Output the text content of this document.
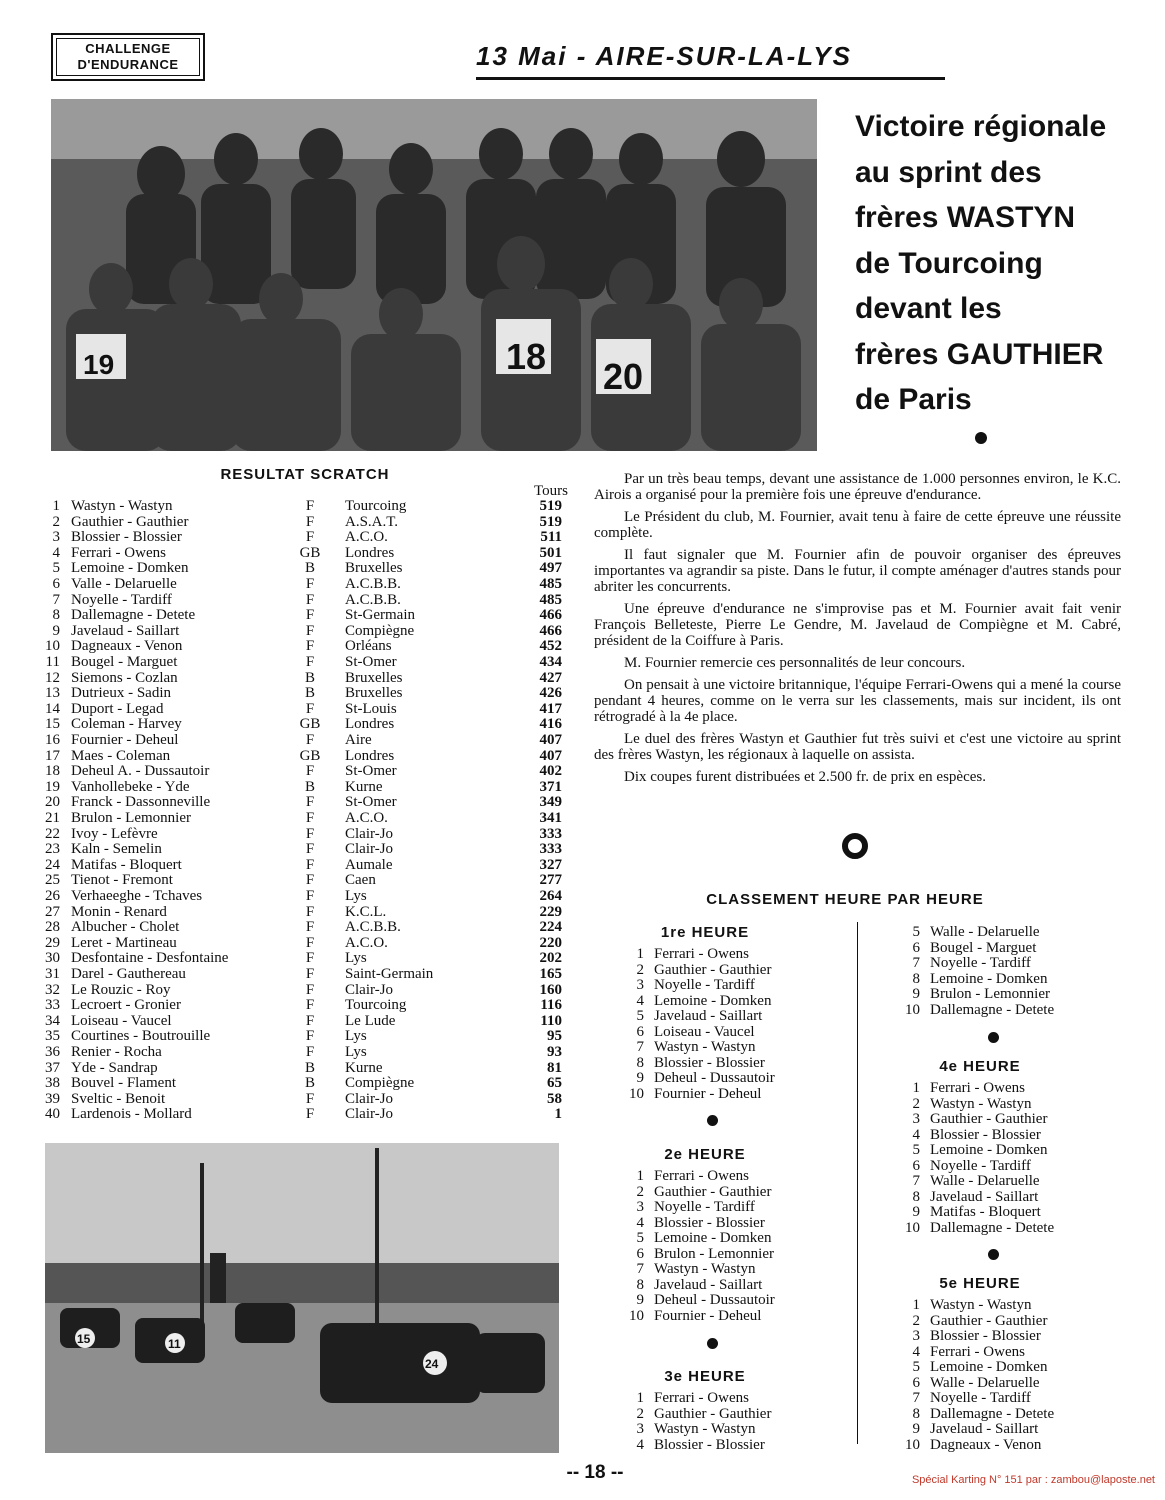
CHALLENGE
D'ENDURANCE	13 Mai - AIRE-SUR-LA-LYS
19	18 20
Victoire régionale
au sprint des
frères WASTYN
de Tourcoing
devant les
frères GAUTHIER
de Paris
RESULTAT SCRATCH
Tours
1 Wastyn - Wastyn	F	Tourcoing	519
2 Gauthier - Gauthier	F	A.S.A.T.	519
3 Blossier - Blossier	F	A.C.O.	511
4 Ferrari - Owens	GB	Londres	501
5 Lemoine - Domken	B	Bruxelles	497
6 Valle - Delaruelle	F	A.C.B.B.	485
7 Noyelle - Tardiff	F	A.C.B.B.	485
8 Dallemagne - Detete	F	St-Germain	466
9 Javelaud - Saillart	F	Compiègne	466
10 Dagneaux - Venon	F	Orléans	452
11 Bougel - Marguet	F	St-Omer	434
12 Siemons - Cozlan	B	Bruxelles	427
13 Dutrieux - Sadin	B	Bruxelles	426
14 Duport - Legad	F	St-Louis	417
15 Coleman - Harvey	GB	Londres	416
16 Fournier - Deheul	F	Aire	407
17 Maes - Coleman	GB	Londres	407
18 Deheul A. - Dussautoir	F	St-Omer	402
19 Vanhollebeke - Yde	B	Kurne	371
20 Franck - Dassonneville	F	St-Omer	349
21 Brulon - Lemonnier	F	A.C.O.	341
22 Ivoy - Lefèvre	F	Clair-Jo	333
23 Kaln - Semelin	F	Clair-Jo	333
24 Matifas - Bloquert	F	Aumale	327
25 Tienot - Fremont	F	Caen	277
26 Verhaeeghe - Tchaves	F	Lys	264
27 Monin - Renard	F	K.C.L.	229
28 Albucher - Cholet	F	A.C.B.B.	224
29 Leret - Martineau	F	A.C.O.	220
30 Desfontaine - Desfontaine	F	Lys	202
31 Darel - Gauthereau	F	Saint-Germain	165
32 Le Rouzic - Roy	F	Clair-Jo	160
33 Lecroert - Gronier	F	Tourcoing	116
34 Loiseau - Vaucel	F	Le Lude	110
35 Courtines - Boutrouille	F	Lys	95
36 Renier - Rocha	F	Lys	93
37 Yde - Sandrap	B	Kurne	81
38 Bouvel - Flament	B	Compiègne	65
39 Sveltic - Benoit	F	Clair-Jo	58
40 Lardenois - Mollard	F	Clair-Jo	1

Par un très beau temps, devant une assistance de 1.000 personnes environ, le K.C. Airois a organisé pour la première fois une épreuve d'endurance.

Le Président du club, M. Fournier, avait tenu à faire de cette épreuve une réussite complète.

Il faut signaler que M. Fournier afin de pouvoir organiser des épreuves importantes va agrandir sa piste. Dans le futur, il compte aménager d'autres stands pour abriter les concurrents.

Une épreuve d'endurance ne s'improvise pas et M. Fournier avait fait venir François Belleteste, Pierre Le Gendre, M. Javelaud de Compiègne et M. Cabré, président de la Coiffure à Paris.

M. Fournier remercie ces personnalités de leur concours.

On pensait à une victoire britannique, l'équipe Ferrari-Owens qui a mené la course pendant 4 heures, comme on le verra sur les classements, mais sur incident, ils ont rétrogradé à la 4e place.

Le duel des frères Wastyn et Gauthier fut très suivi et c'est une victoire au sprint des frères Wastyn, les régionaux à laquelle on assista.

Dix coupes furent distribuées et 2.500 fr. de prix en espèces.

CLASSEMENT HEURE PAR HEURE
1re HEURE
1 Ferrari - Owens
2 Gauthier - Gauthier
3 Noyelle - Tardiff
4 Lemoine - Domken
5 Javelaud - Saillart
6 Loiseau - Vaucel
7 Wastyn - Wastyn
8 Blossier - Blossier
9 Deheul - Dussautoir
10 Fournier - Deheul
2e HEURE
1 Ferrari - Owens
2 Gauthier - Gauthier
3 Noyelle - Tardiff
4 Blossier - Blossier
5 Lemoine - Domken
6 Brulon - Lemonnier
7 Wastyn - Wastyn
8 Javelaud - Saillart
9 Deheul - Dussautoir
10 Fournier - Deheul
3e HEURE
1 Ferrari - Owens
2 Gauthier - Gauthier
3 Wastyn - Wastyn
4 Blossier - Blossier
5 Walle - Delaruelle
6 Bougel - Marguet
7 Noyelle - Tardiff
8 Lemoine - Domken
9 Brulon - Lemonnier
10 Dallemagne - Detete
4e HEURE
1 Ferrari - Owens
2 Wastyn - Wastyn
3 Gauthier - Gauthier
4 Blossier - Blossier
5 Lemoine - Domken
6 Noyelle - Tardiff
7 Walle - Delaruelle
8 Javelaud - Saillart
9 Matifas - Bloquert
10 Dallemagne - Detete
5e HEURE
1 Wastyn - Wastyn
2 Gauthier - Gauthier
3 Blossier - Blossier
4 Ferrari - Owens
5 Lemoine - Domken
6 Walle - Delaruelle
7 Noyelle - Tardiff
8 Dallemagne - Detete
9 Javelaud - Saillart
10 Dagneaux - Venon
15	11
24
-- 18 --	Spécial Karting N° 151 par : zambou@laposte.net
